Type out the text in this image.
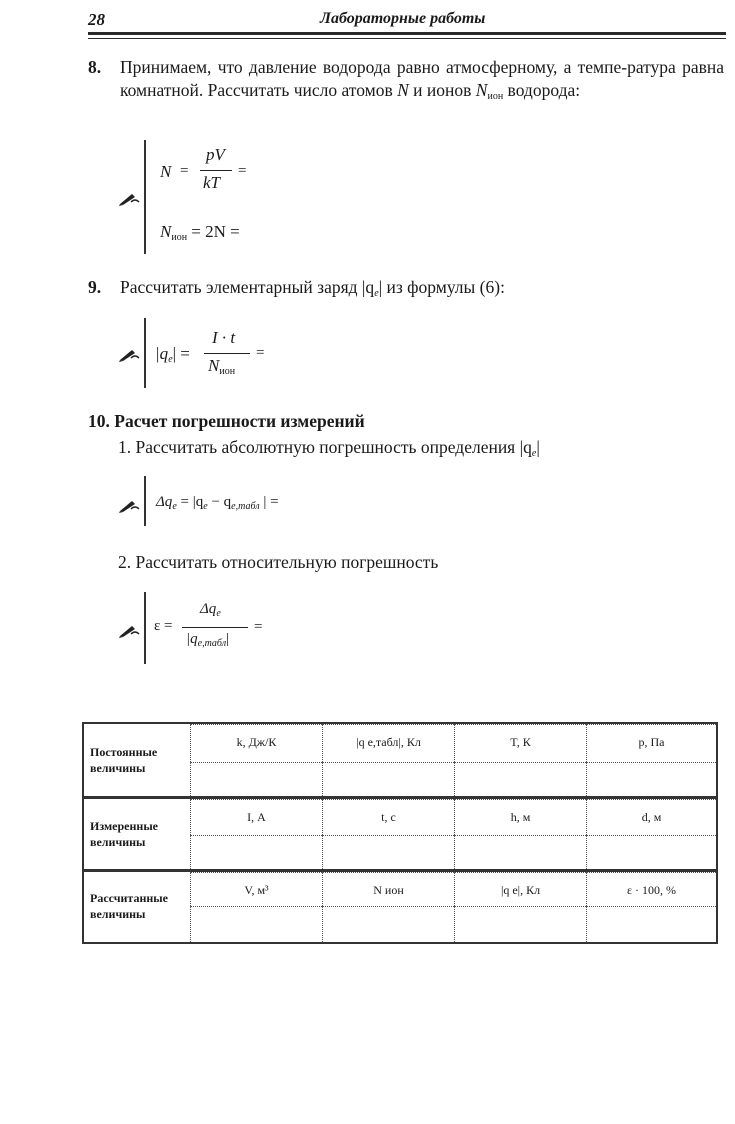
28	Лабораторные работы
8. Принимаем, что давление водорода равно атмосферному, а темпе-ратура равна комнатной. Рассчитать число атомов N и ионов $N_{ион}$ водорода:
N =
pV
kT
=
$N_{ион} = 2N$ =
9. Рассчитать элементарный заряд $|q_e|$ из формулы (6):
$|q_e|$ =
I · t
$N_{ион}$
=
10. Расчет погрешности измерений
1. Рассчитать абсолютную погрешность определения $|q_e|$
$\Delta q_e = |q_e - q_{e,табл}$ | =
2. Рассчитать относительную погрешность
ε =
$\Delta q_e$
$|q_{e,табл}|$
=
Постоянные величины
k, Дж/К	|q e,табл|, Кл	T, К	p, Па
Измеренные величины
I, А	t, с	h, м	d, м
Рассчитанные величины
V, м³	N ион	|q e|, Кл	ε · 100, %
